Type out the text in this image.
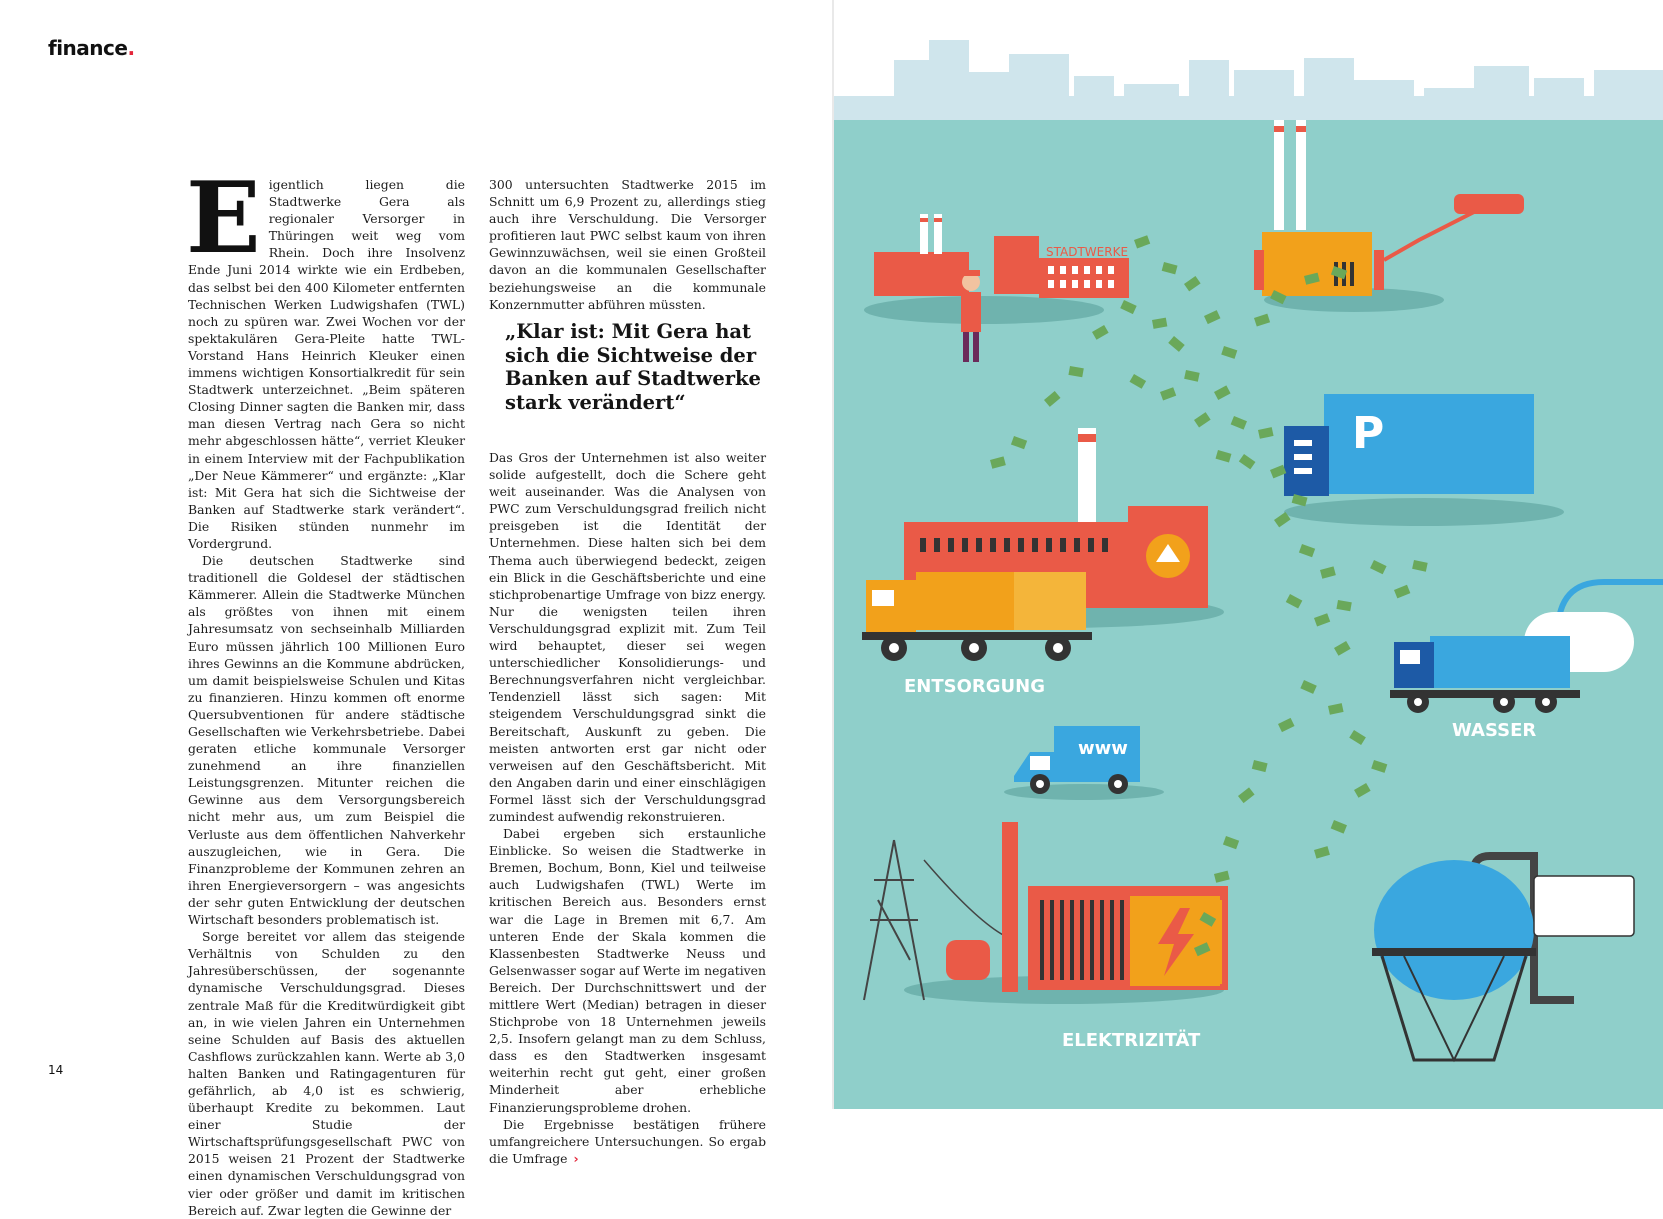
finance.

Eigentlich liegen die Stadtwerke Gera als regionaler Versorger in Thüringen weit weg vom Rhein. Doch ihre Insolvenz Ende Juni 2014 wirkte wie ein Erdbeben, das selbst bei den 400 Kilometer entfernten Technischen Werken Ludwigshafen (TWL) noch zu spüren war. Zwei Wochen vor der spektakulären Gera-Pleite hatte TWL-Vorstand Hans Heinrich Kleuker einen immens wichtigen Konsortialkredit für sein Stadtwerk unterzeichnet. „Beim späteren Closing Dinner sagten die Banken mir, dass man diesen Vertrag nach Gera so nicht mehr abgeschlossen hätte“, verriet Kleuker in einem Interview mit der Fachpublikation „Der Neue Kämmerer“ und ergänzte: „Klar ist: Mit Gera hat sich die Sichtweise der Banken auf Stadtwerke stark verändert“. Die Risiken stünden nunmehr im Vordergrund.

Die deutschen Stadtwerke sind traditionell die Goldesel der städtischen Kämmerer. Allein die Stadtwerke München als größtes von ihnen mit einem Jahresumsatz von sechseinhalb Milliarden Euro müssen jährlich 100 Millionen Euro ihres Gewinns an die Kommune abdrücken, um damit beispielsweise Schulen und Kitas zu finanzieren. Hinzu kommen oft enorme Quersubventionen für andere städtische Gesellschaften wie Verkehrsbetriebe. Dabei geraten etliche kommunale Versorger zunehmend an ihre finanziellen Leistungsgrenzen. Mitunter reichen die Gewinne aus dem Versorgungsbereich nicht mehr aus, um zum Beispiel die Verluste aus dem öffentlichen Nahverkehr auszugleichen, wie in Gera. Die Finanzprobleme der Kommunen zehren an ihren Energieversorgern – was angesichts der sehr guten Entwicklung der deutschen Wirtschaft besonders problematisch ist.

Sorge bereitet vor allem das steigende Verhältnis von Schulden zu den Jahresüberschüssen, der sogenannte dynamische Verschuldungsgrad. Dieses zentrale Maß für die Kreditwürdigkeit gibt an, in wie vielen Jahren ein Unternehmen seine Schulden auf Basis des aktuellen Cashflows zurückzahlen kann. Werte ab 3,0 halten Banken und Ratingagenturen für gefährlich, ab 4,0 ist es schwierig, überhaupt Kredite zu bekommen. Laut einer Studie der Wirtschaftsprüfungsgesellschaft PWC von 2015 weisen 21 Prozent der Stadtwerke einen dynamischen Verschuldungsgrad von vier oder größer und damit im kritischen Bereich auf. Zwar legten die Gewinne der

300 untersuchten Stadtwerke 2015 im Schnitt um 6,9 Prozent zu, allerdings stieg auch ihre Verschuldung. Die Versorger profitieren laut PWC selbst kaum von ihren Gewinnzuwächsen, weil sie einen Großteil davon an die kommunalen Gesellschafter beziehungsweise an die kommunale Konzernmutter abführen müssten.

„Klar ist: Mit Gera hat sich die Sichtweise der Banken auf Stadtwerke stark verändert“

Das Gros der Unternehmen ist also weiter solide aufgestellt, doch die Schere geht weit auseinander. Was die Analysen von PWC zum Verschuldungsgrad freilich nicht preisgeben ist die Identität der Unternehmen. Diese halten sich bei dem Thema auch überwiegend bedeckt, zeigen ein Blick in die Geschäftsberichte und eine stichprobenartige Umfrage von bizz energy. Nur die wenigsten teilen ihren Verschuldungsgrad explizit mit. Zum Teil wird behauptet, dieser sei wegen unterschiedlicher Konsolidierungs- und Berechnungsverfahren nicht vergleichbar. Tendenziell lässt sich sagen: Mit steigendem Verschuldungsgrad sinkt die Bereitschaft, Auskunft zu geben. Die meisten antworten erst gar nicht oder verweisen auf den Geschäftsbericht. Mit den Angaben darin und einer einschlägigen Formel lässt sich der Verschuldungsgrad zumindest aufwendig rekonstruieren.

Dabei ergeben sich erstaunliche Einblicke. So weisen die Stadtwerke in Bremen, Bochum, Bonn, Kiel und teilweise auch Ludwigshafen (TWL) Werte im kritischen Bereich aus. Besonders ernst war die Lage in Bremen mit 6,7. Am unteren Ende der Skala kommen die Klassenbesten Stadtwerke Neuss und Gelsenwasser sogar auf Werte im negativen Bereich. Der Durchschnittswert und der mittlere Wert (Median) betragen in dieser Stichprobe von 18 Unternehmen jeweils 2,5. Insofern gelangt man zu dem Schluss, dass es den Stadtwerken insgesamt weiterhin recht gut geht, einer großen Minderheit aber erhebliche Finanzierungsprobleme drohen.

Die Ergebnisse bestätigen frühere umfangreichere Untersuchungen. So ergab die Umfrage ›

14
STADTWERKE
P
ENTSORGUNG
WASSER
www
ELEKTRIZITÄT
